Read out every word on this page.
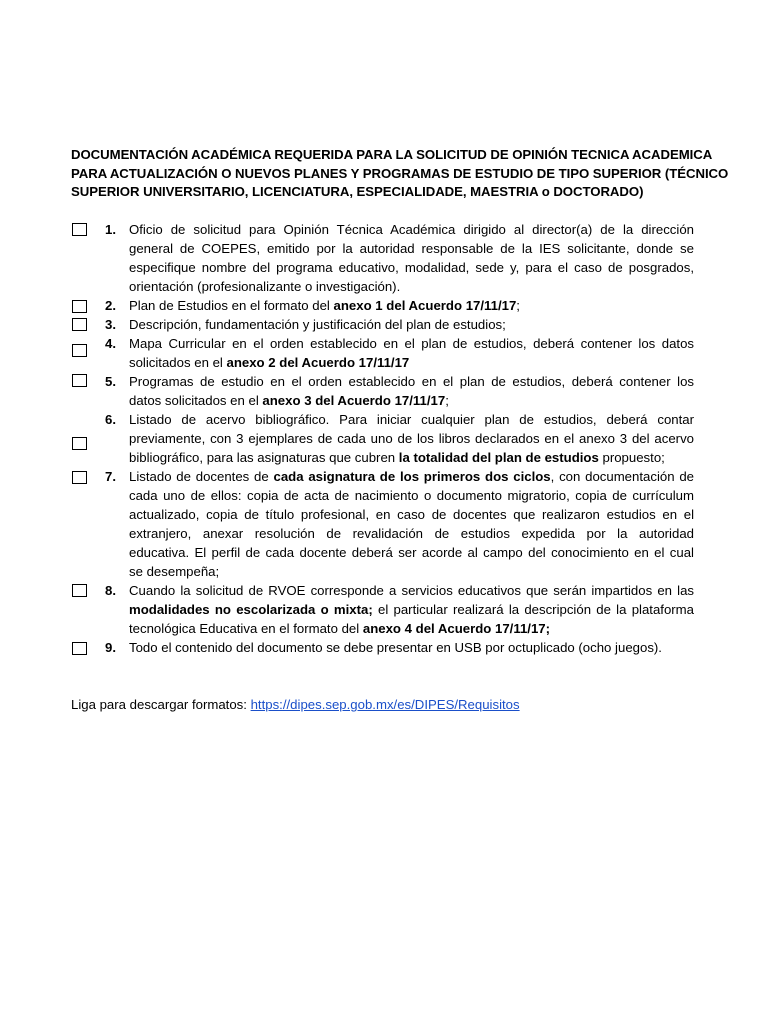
DOCUMENTACIÓN ACADÉMICA REQUERIDA PARA LA SOLICITUD DE OPINIÓN TECNICA ACADEMICA
PARA ACTUALIZACIÓN O NUEVOS PLANES Y PROGRAMAS DE ESTUDIO DE TIPO SUPERIOR (TÉCNICO
SUPERIOR UNIVERSITARIO, LICENCIATURA, ESPECIALIDADE, MAESTRIA o DOCTORADO)
1. Oficio de solicitud para Opinión Técnica Académica dirigido al director(a) de la dirección
general de COEPES, emitido por la autoridad responsable de la IES solicitante, donde se
especifique nombre del programa educativo, modalidad, sede y, para el caso de posgrados,
orientación (profesionalizante o investigación).
2. Plan de Estudios en el formato del anexo 1 del Acuerdo 17/11/17;
3. Descripción, fundamentación y justificación del plan de estudios;
4. Mapa Curricular en el orden establecido en el plan de estudios, deberá contener los datos
solicitados en el anexo 2 del Acuerdo 17/11/17
5. Programas de estudio en el orden establecido en el plan de estudios, deberá contener los
datos solicitados en el anexo 3 del Acuerdo 17/11/17;
6. Listado de acervo bibliográfico. Para iniciar cualquier plan de estudios, deberá contar
previamente, con 3 ejemplares de cada uno de los libros declarados en el anexo 3 del acervo
bibliográfico, para las asignaturas que cubren la totalidad del plan de estudios propuesto;
7. Listado de docentes de cada asignatura de los primeros dos ciclos, con documentación de
cada uno de ellos: copia de acta de nacimiento o documento migratorio, copia de currículum
actualizado, copia de título profesional, en caso de docentes que realizaron estudios en el
extranjero, anexar resolución de revalidación de estudios expedida por la autoridad
educativa. El perfil de cada docente deberá ser acorde al campo del conocimiento en el cual
se desempeña;
8. Cuando la solicitud de RVOE corresponde a servicios educativos que serán impartidos en las
modalidades no escolarizada o mixta; el particular realizará la descripción de la plataforma
tecnológica Educativa en el formato del anexo 4 del Acuerdo 17/11/17;
9. Todo el contenido del documento se debe presentar en USB por octuplicado (ocho juegos).
Liga para descargar formatos: https://dipes.sep.gob.mx/es/DIPES/Requisitos
